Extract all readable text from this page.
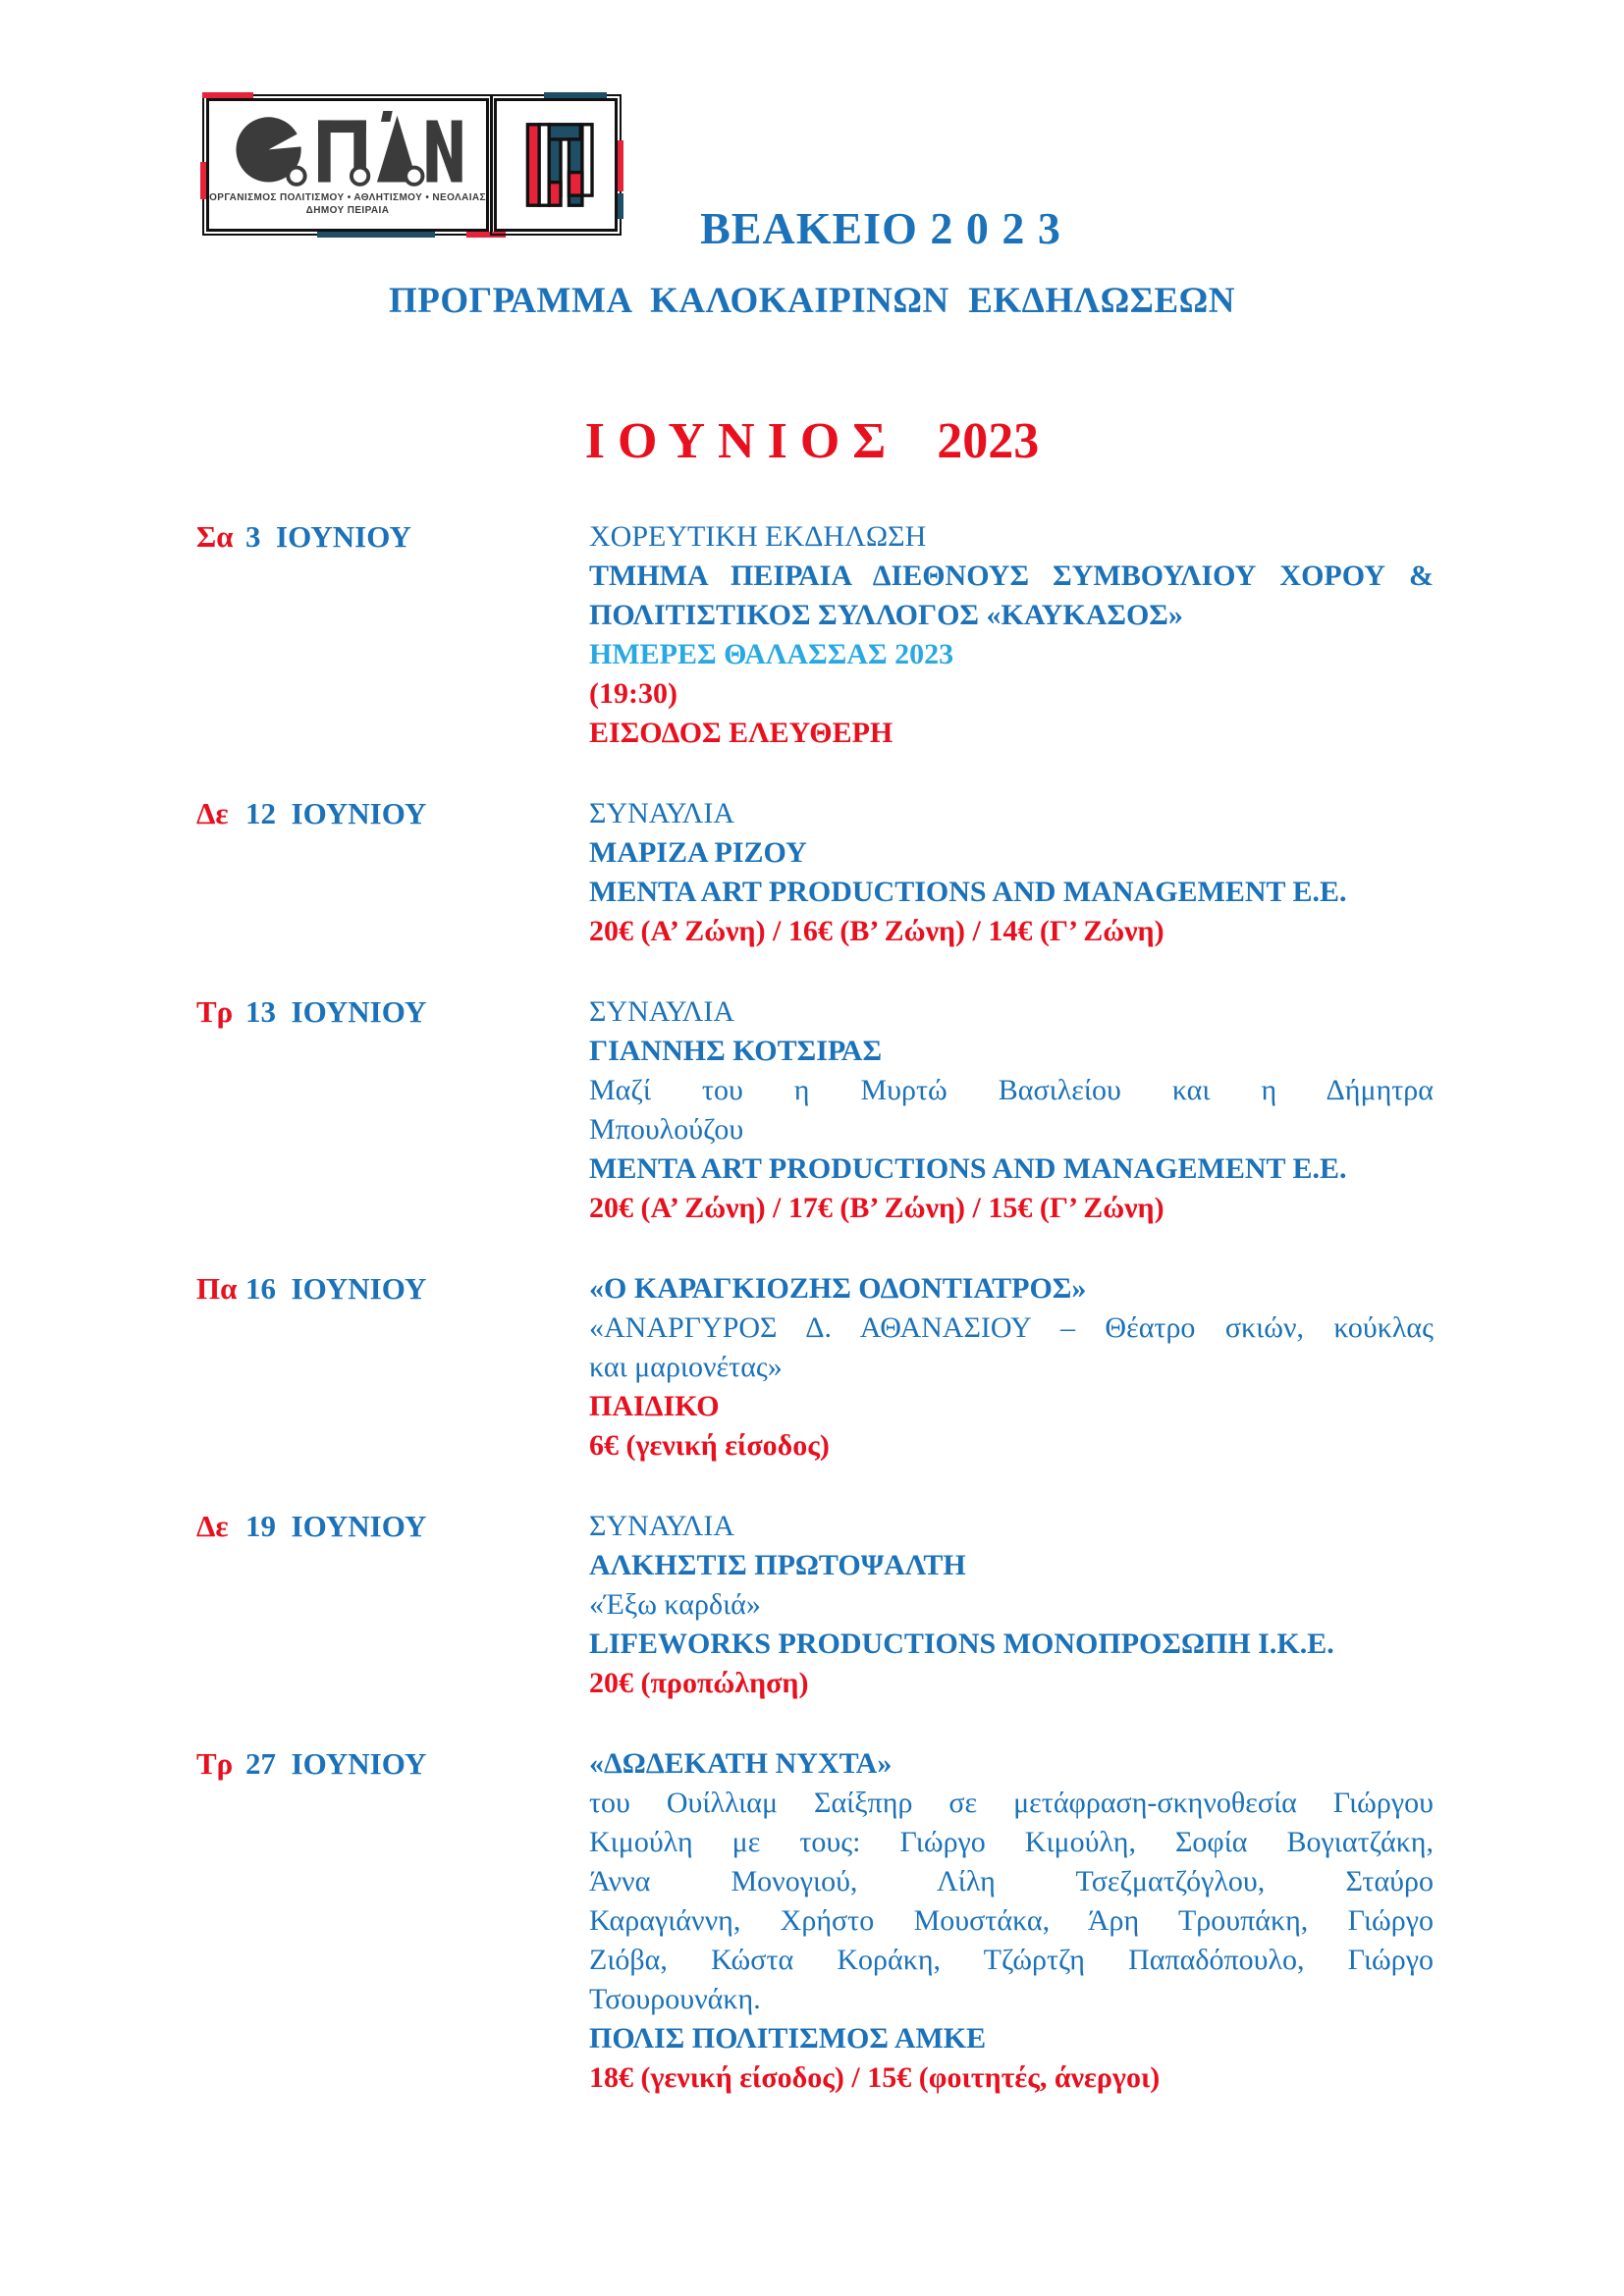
ΟΡΓΑΝΙΣΜΟΣ ΠΟΛΙΤΙΣΜΟΥ • ΑΘΛΗΤΙΣΜΟΥ • ΝΕΟΛΑΙΑΣ
ΔΗΜΟΥ ΠΕΙΡΑΙΑ	ΒΕΑΚΕΙΟ 2 0 2 3
ΠΡΟΓΡΑΜΜΑ  ΚΑΛΟΚΑΙΡΙΝΩΝ  ΕΚΔΗΛΩΣΕΩΝ
Ι Ο Υ Ν Ι Ο Σ    2023
Σα 3  ΙΟΥΝΙΟΥ	ΧΟΡΕΥΤΙΚΗ ΕΚΔΗΛΩΣΗ
ΤΜΗΜΑ ΠΕΙΡΑΙΑ ΔΙΕΘΝΟΥΣ ΣΥΜΒΟΥΛΙΟΥ ΧΟΡΟΥ &
ΠΟΛΙΤΙΣΤΙΚΟΣ ΣΥΛΛΟΓΟΣ «ΚΑΥΚΑΣΟΣ»
ΗΜΕΡΕΣ ΘΑΛΑΣΣΑΣ 2023
(19:30)
ΕΙΣΟΔΟΣ ΕΛΕΥΘΕΡΗ
Δε 12  ΙΟΥΝΙΟΥ	ΣΥΝΑΥΛΙΑ
ΜΑΡΙΖΑ ΡΙΖΟΥ
MENTA ART PRODUCTIONS AND MANAGEMENT Ε.Ε.
20€ (Α’ Ζώνη) / 16€ (Β’ Ζώνη) / 14€ (Γ’ Ζώνη)
Τρ 13  ΙΟΥΝΙΟΥ	ΣΥΝΑΥΛΙΑ
ΓΙΑΝΝΗΣ ΚΟΤΣΙΡΑΣ
Μαζί του η Μυρτώ Βασιλείου και η Δήμητρα
Μπουλούζου
MENTA ART PRODUCTIONS AND MANAGEMENT Ε.Ε.
20€ (Α’ Ζώνη) / 17€ (Β’ Ζώνη) / 15€ (Γ’ Ζώνη)
Πα 16  ΙΟΥΝΙΟΥ	«Ο ΚΑΡΑΓΚΙΟΖΗΣ ΟΔΟΝΤΙΑΤΡΟΣ»
«ΑΝΑΡΓΥΡΟΣ Δ. ΑΘΑΝΑΣΙΟΥ – Θέατρο σκιών, κούκλας
και μαριονέτας»
ΠΑΙΔΙΚΟ
6€ (γενική είσοδος)
Δε 19  ΙΟΥΝΙΟΥ	ΣΥΝΑΥΛΙΑ
ΑΛΚΗΣΤΙΣ ΠΡΩΤΟΨΑΛΤΗ
«Έξω καρδιά»
LIFEWORKS PRODUCTIONS ΜΟΝΟΠΡΟΣΩΠΗ Ι.Κ.Ε.
20€ (προπώληση)
Τρ 27  ΙΟΥΝΙΟΥ	«ΔΩΔΕΚΑΤΗ ΝΥΧΤΑ»
του Ουίλλιαμ Σαίξπηρ σε μετάφραση-σκηνοθεσία Γιώργου
Κιμούλη με τους: Γιώργο Κιμούλη, Σοφία Βογιατζάκη,
Άννα Μονογιού, Λίλη Τσεζματζόγλου, Σταύρο
Καραγιάννη, Χρήστο Μουστάκα, Άρη Τρουπάκη, Γιώργο
Ζιόβα, Κώστα Κοράκη, Τζώρτζη Παπαδόπουλο, Γιώργο
Τσουρουνάκη.
ΠΟΛΙΣ ΠΟΛΙΤΙΣΜΟΣ ΑΜΚΕ
18€ (γενική είσοδος) / 15€ (φοιτητές, άνεργοι)
